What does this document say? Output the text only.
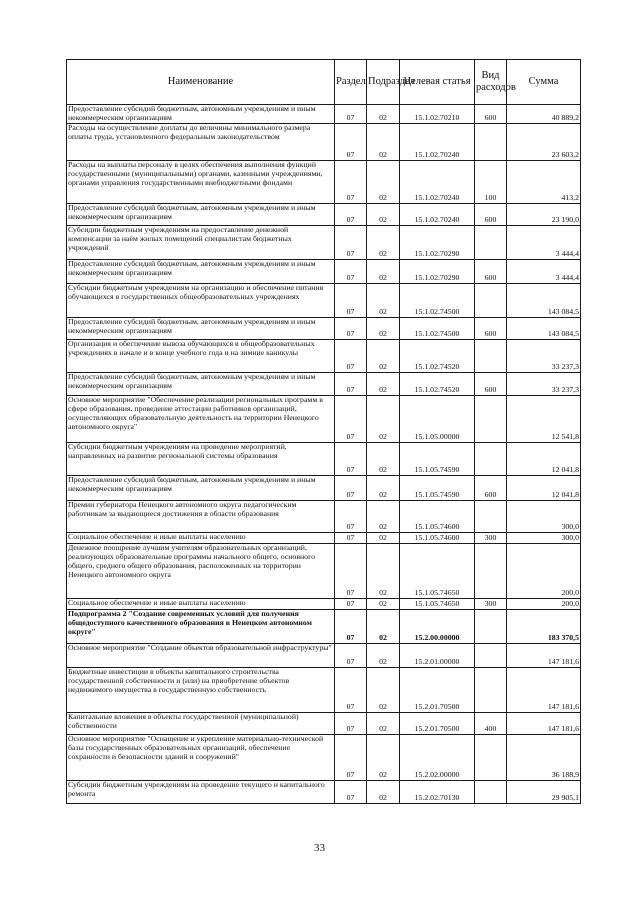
Наименование	Раздел	Подраздел	Целевая статья	Вид расходов	Сумма
Предоставление субсидий бюджетным, автономным учреждениям и иным некоммерческим организациям	07	02	15.1.02.70210	600	40 889,2
Расходы на осуществление доплаты до величины минимального размера оплаты труда, установленного федеральным законодательством	07	02	15.1.02.70240		23 603,2
Расходы на выплаты персоналу в целях обеспечения выполнения функций государственными (муниципальными) органами, казенными учреждениями, органами управления государственными внебюджетными фондами	07	02	15.1.02.70240	100	413,2
Предоставление субсидий бюджетным, автономным учреждениям и иным некоммерческим организациям	07	02	15.1.02.70240	600	23 190,0
Субсидии бюджетным учреждениям на предоставление денежной компенсации за наём жилых помещений специалистам бюджетных учреждений	07	02	15.1.02.70290		3 444,4
Предоставление субсидий бюджетным, автономным учреждениям и иным некоммерческим организациям	07	02	15.1.02.70290	600	3 444,4
Субсидии бюджетным учреждениям на организацию и обеспечение питания обучающихся в государственных общеобразовательных учреждениях	07	02	15.1.02.74500		143 084,5
Предоставление субсидий бюджетным, автономным учреждениям и иным некоммерческим организациям	07	02	15.1.02.74500	600	143 084,5
Организация и обеспечение вывоза обучающихся в общеобразовательных учреждениях в начале и в конце учебного года и на зимние каникулы	07	02	15.1.02.74520		33 237,3
Предоставление субсидий бюджетным, автономным учреждениям и иным некоммерческим организациям	07	02	15.1.02.74520	600	33 237,3
Основное мероприятие "Обеспечение реализации региональных программ в сфере образования, проведение аттестации работников организаций, осуществляющих образовательную деятельность на территории Ненецкого автономного округа"	07	02	15.1.05.00000		12 541,8
Субсидии бюджетным учреждениям на проведение мероприятий, направленных на развитие региональной системы образования	07	02	15.1.05.74590		12 041,8
Предоставление субсидий бюджетным, автономным учреждениям и иным некоммерческим организациям	07	02	15.1.05.74590	600	12 041,8
Премии губернатора Ненецкого автономного округа педагогическим работникам за выдающиеся достижения в области образования	07	02	15.1.05.74600		300,0
Социальное обеспечение и иные выплаты населению	07	02	15.1.05.74600	300	300,0
Денежное поощрение лучшим учителям образовательных организаций, реализующих образовательные программы начального общего, основного общего, среднего общего образования, расположенных на территории Ненецкого автономного округа	07	02	15.1.05.74650		200,0
Социальное обеспечение и иные выплаты населению	07	02	15.1.05.74650	300	200,0
Подпрограмма 2 "Создание современных условий для получения общедоступного качественного образования в Ненецком автономном округе"	07	02	15.2.00.00000		183 370,5
Основное мероприятие "Создание объектов образовательной инфраструктуры"	07	02	15.2.01.00000		147 181,6
Бюджетные инвестиции в объекты капитального строительства государственной собственности и (или) на приобретение объектов недвижимого имущества в государственную собственность	07	02	15.2.01.70500		147 181,6
Капитальные вложения в объекты государственной (муниципальной) собственности	07	02	15.2.01.70500	400	147 181,6
Основное мероприятие "Оснащение и укрепление материально-технической базы государственных образовательных организаций, обеспечение сохранности и безопасности зданий и сооружений"	07	02	15.2.02.00000		36 188,9
Субсидии бюджетным учреждениям на проведение текущего и капитального ремонта	07	02	15.2.02.70130		29 905,1
33
